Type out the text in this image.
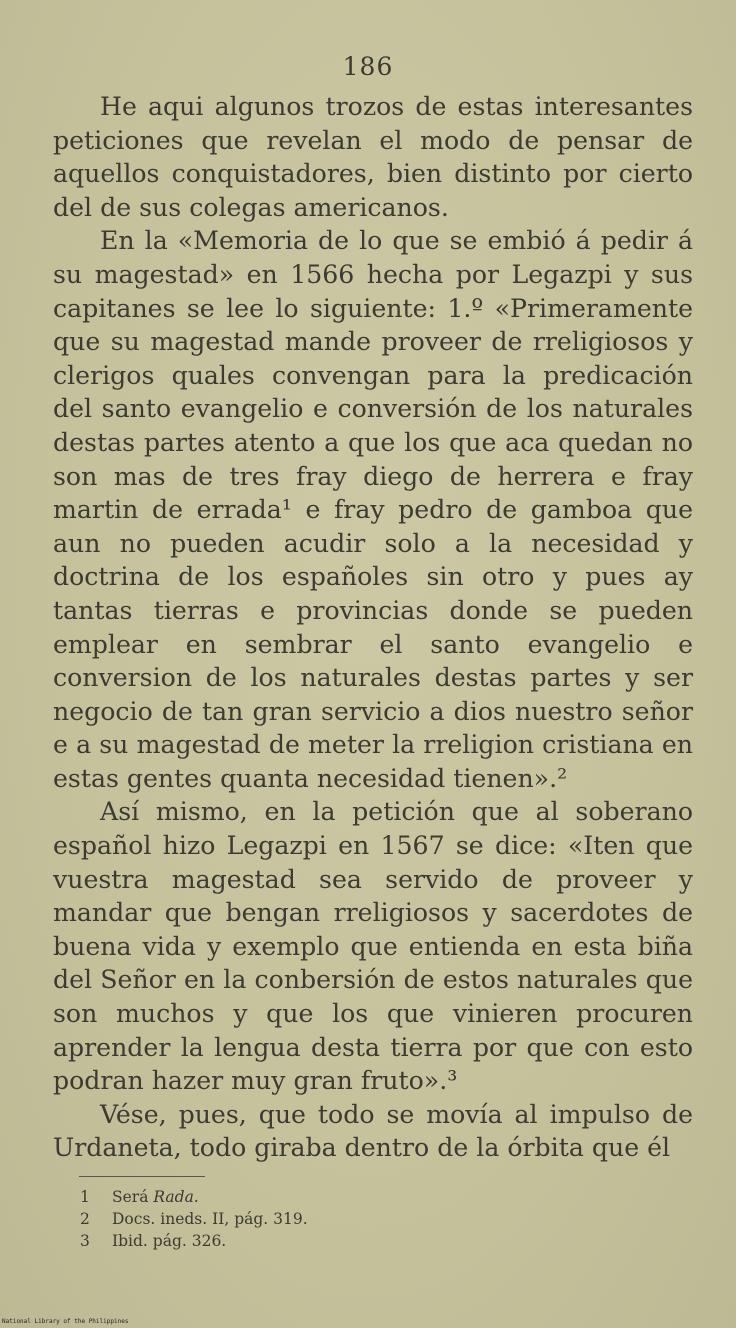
186

He aqui algunos trozos de estas interesantes peticiones que revelan el modo de pensar de aquellos conquistadores, bien distinto por cierto del de sus colegas americanos.

En la «Memoria de lo que se embió á pedir á su magestad» en 1566 hecha por Legazpi y sus capitanes se lee lo siguiente: 1.º «Primeramente que su magestad mande proveer de rreligiosos y clerigos quales convengan para la predicación del santo evangelio e conversión de los naturales destas partes atento a que los que aca quedan no son mas de tres fray diego de herrera e fray martin de errada¹ e fray pedro de gamboa que aun no pueden acudir solo a la necesidad y doctrina de los españoles sin otro y pues ay tantas tierras e provincias donde se pueden emplear en sembrar el santo evangelio e conversion de los naturales destas partes y ser negocio de tan gran servicio a dios nuestro señor e a su magestad de meter la rreligion cristiana en estas gentes quanta necesidad tienen».²

Así mismo, en la petición que al soberano español hizo Legazpi en 1567 se dice: «Iten que vuestra magestad sea servido de proveer y mandar que bengan rreligiosos y sacerdotes de buena vida y exemplo que entienda en esta biña del Señor en la conbersión de estos naturales que son muchos y que los que vinieren procuren aprender la lengua desta tierra por que con esto podran hazer muy gran fruto».³

Vése, pues, que todo se movía al impulso de Urdaneta, todo giraba dentro de la órbita que él

1 Será Rada.
2 Docs. ineds. II, pág. 319.
3 Ibid. pág. 326.
National Library of the Philippines
